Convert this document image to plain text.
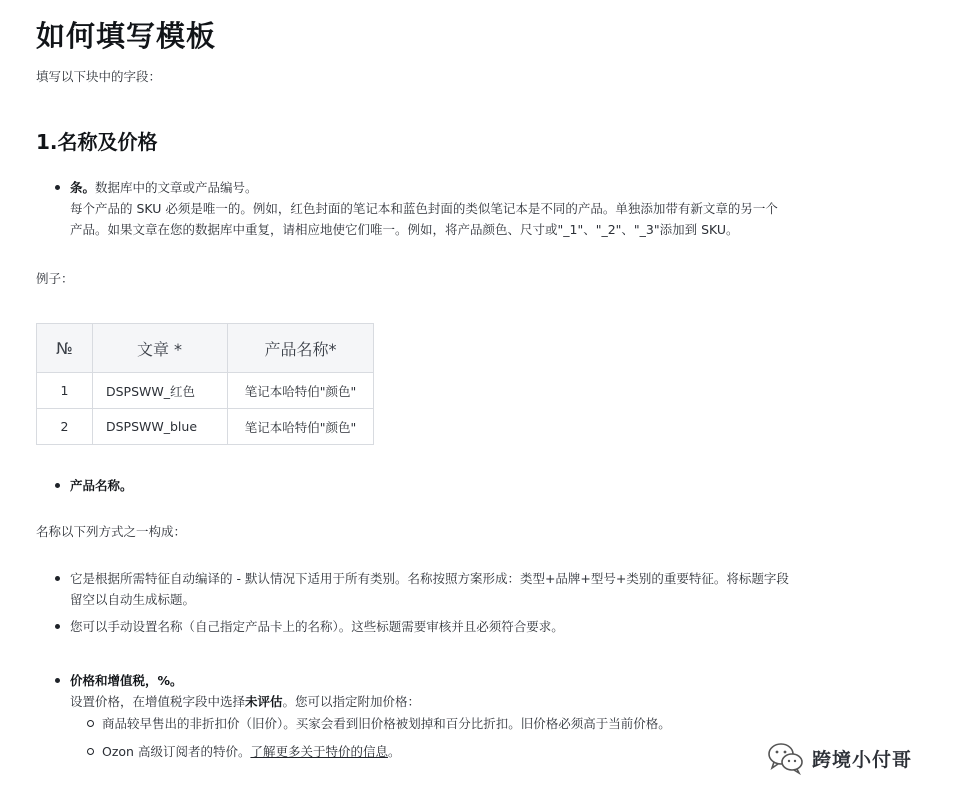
如何填写模板
填写以下块中的字段：
1.名称及价格
条。数据库中的文章或产品编号。
每个产品的 SKU 必须是唯一的。例如，红色封面的笔记本和蓝色封面的类似笔记本是不同的产品。单独添加带有新文章的另一个
产品。如果文章在您的数据库中重复，请相应地使它们唯一。例如，将产品颜色、尺寸或"_1"、"_2"、"_3"添加到 SKU。
例子：
№	文章 *	产品名称*
1	DSPSWW_红色	笔记本哈特伯"颜色"
2	DSPSWW_blue	笔记本哈特伯"颜色"
产品名称。
名称以下列方式之一构成：
它是根据所需特征自动编译的 - 默认情况下适用于所有类别。名称按照方案形成：类型+品牌+型号+类别的重要特征。将标题字段
留空以自动生成标题。
您可以手动设置名称（自己指定产品卡上的名称）。这些标题需要审核并且必须符合要求。
价格和增值税，%。
设置价格，在增值税字段中选择未评估。您可以指定附加价格：
商品较早售出的非折扣价（旧价）。买家会看到旧价格被划掉和百分比折扣。旧价格必须高于当前价格。
Ozon 高级订阅者的特价。了解更多关于特价的信息。	跨境小付哥
